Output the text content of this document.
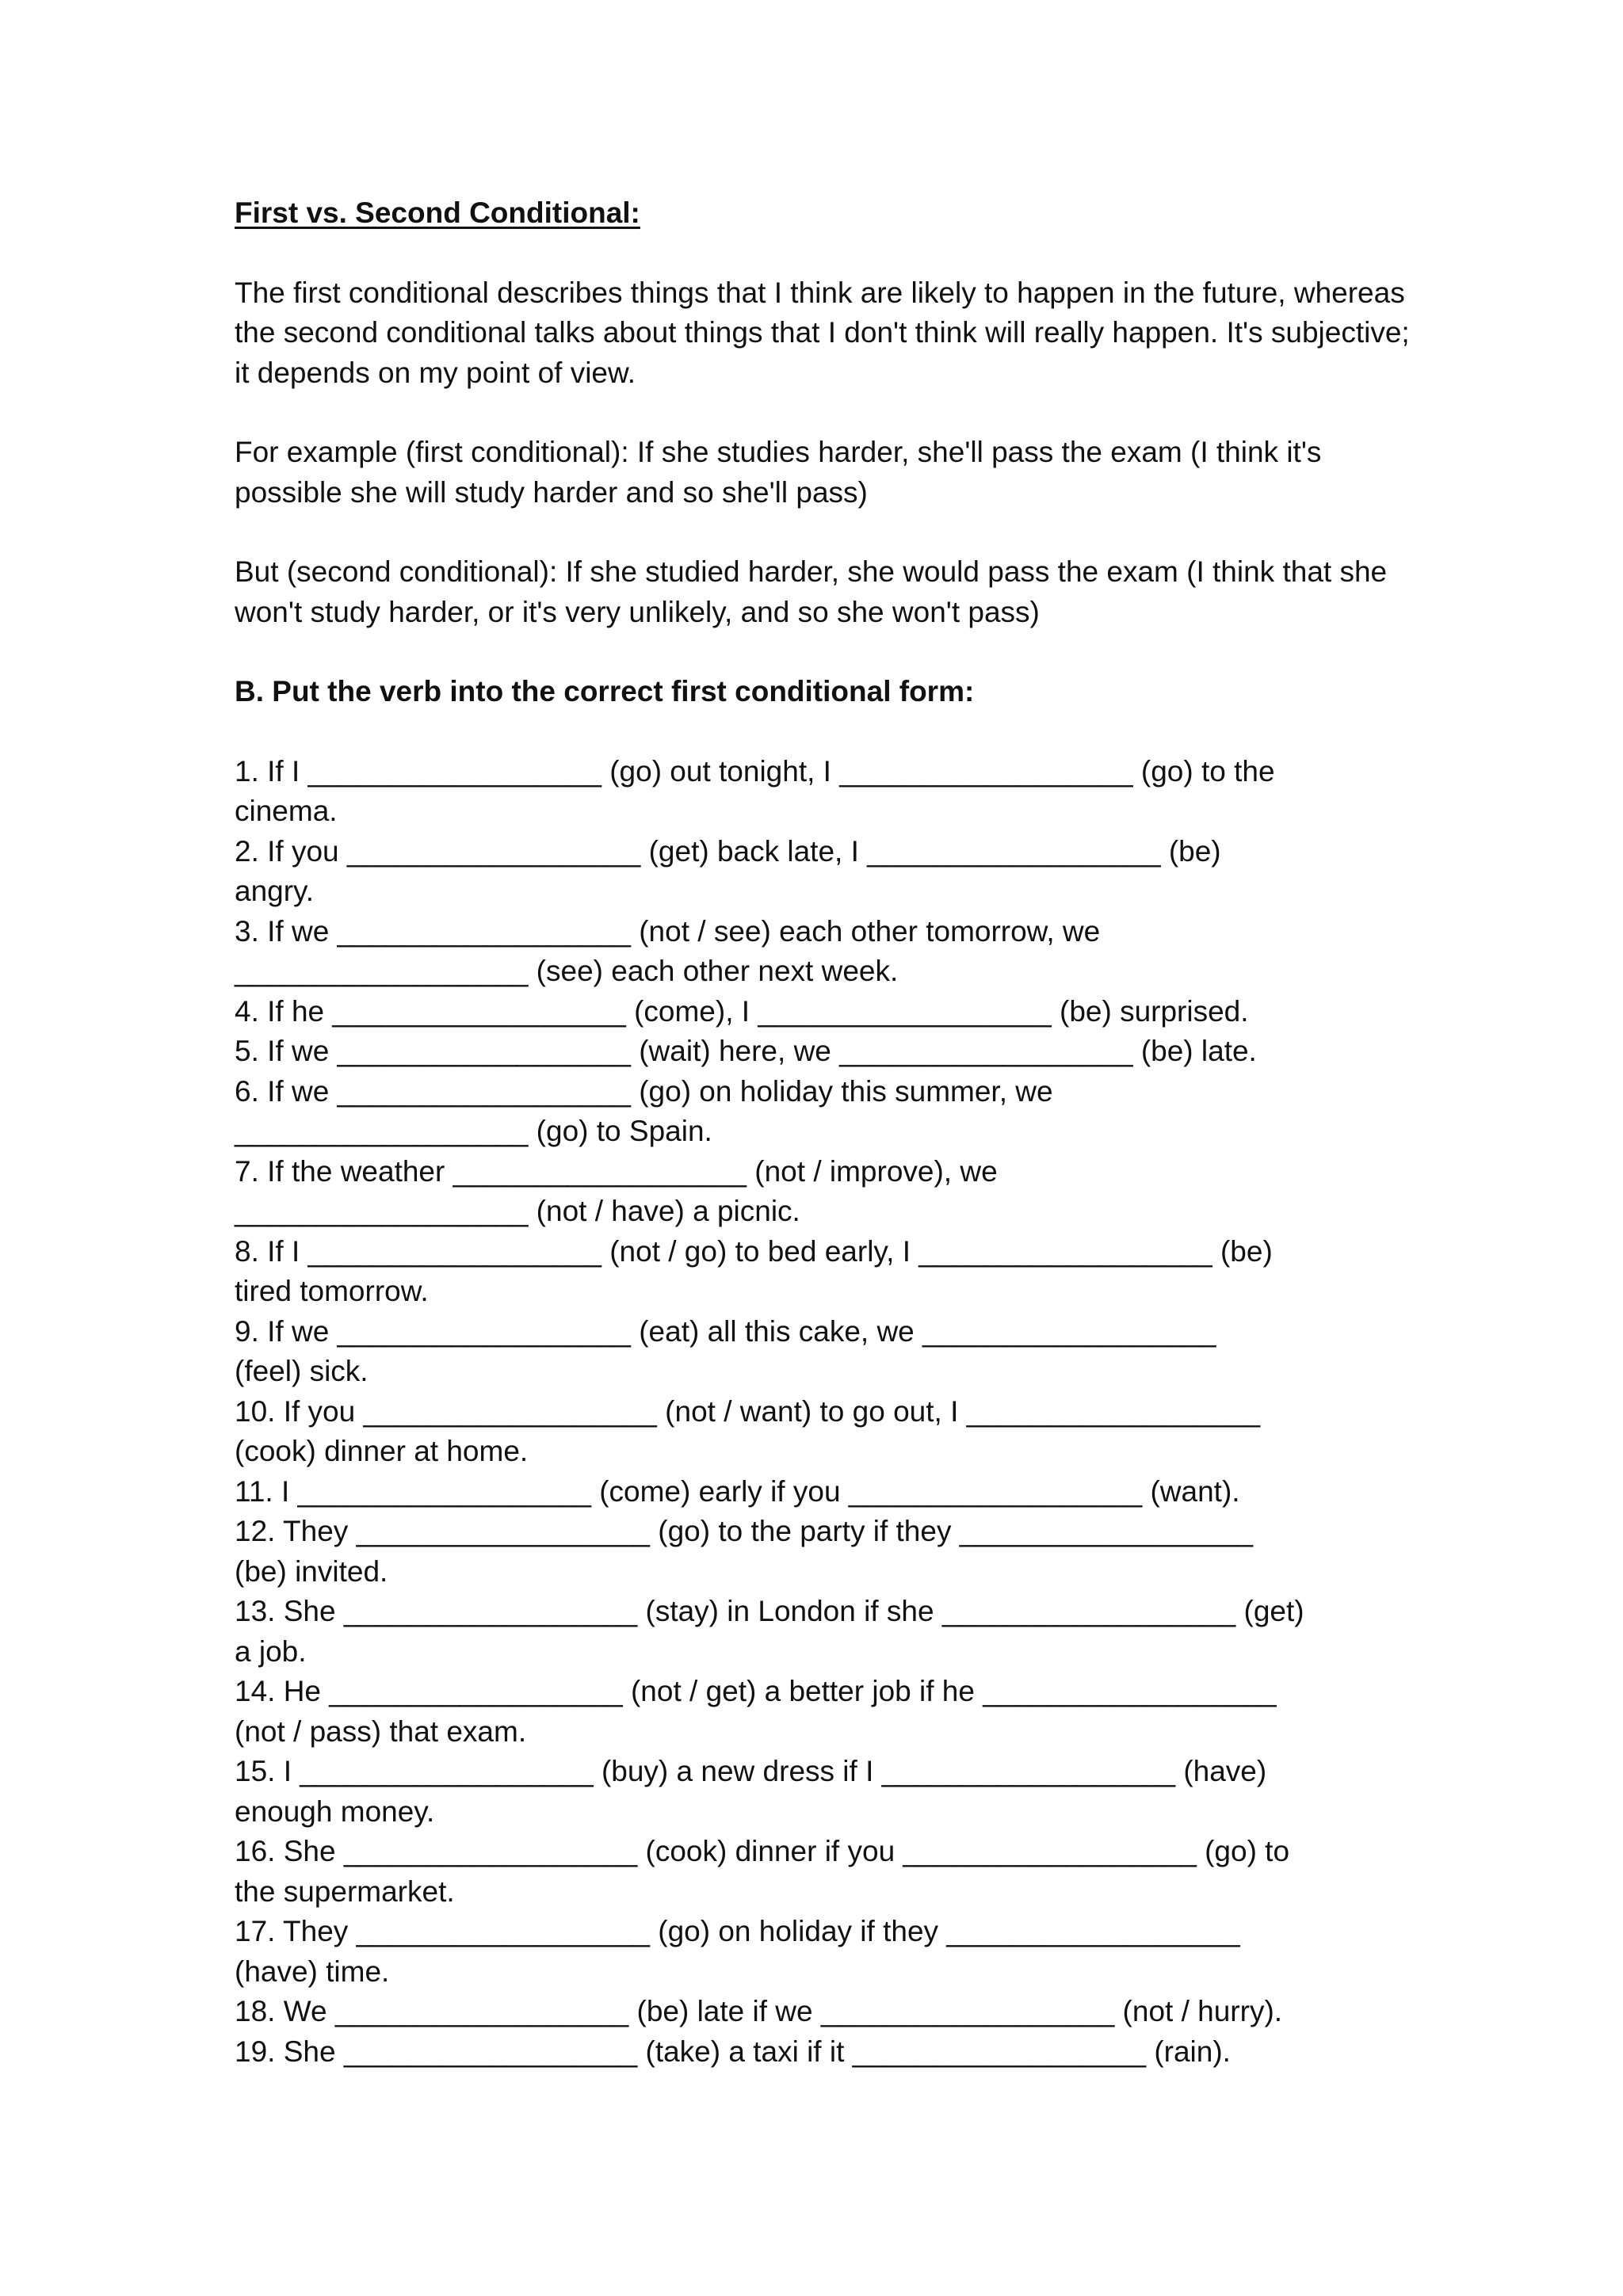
First vs. Second Conditional:
The first conditional describes things that I think are likely to happen in the future, whereas the second conditional talks about things that I don't think will really happen. It's subjective; it depends on my point of view.
For example (first conditional): If she studies harder, she'll pass the exam (I think it's possible she will study harder and so she'll pass)
But (second conditional): If she studied harder, she would pass the exam (I think that she won't study harder, or it's very unlikely, and so she won't pass)
B. Put the verb into the correct first conditional form:
1. If I __________________ (go) out tonight, I __________________ (go) to the
cinema.
2. If you __________________ (get) back late, I __________________ (be)
angry.
3. If we __________________ (not / see) each other tomorrow, we
__________________ (see) each other next week.
4. If he __________________ (come), I __________________ (be) surprised.
5. If we __________________ (wait) here, we __________________ (be) late.
6. If we __________________ (go) on holiday this summer, we
__________________ (go) to Spain.
7. If the weather __________________ (not / improve), we
__________________ (not / have) a picnic.
8. If I __________________ (not / go) to bed early, I __________________ (be)
tired tomorrow.
9. If we __________________ (eat) all this cake, we __________________
(feel) sick.
10. If you __________________ (not / want) to go out, I __________________
(cook) dinner at home.
11. I __________________ (come) early if you __________________ (want).
12. They __________________ (go) to the party if they __________________
(be) invited.
13. She __________________ (stay) in London if she __________________ (get)
a job.
14. He __________________ (not / get) a better job if he __________________
(not / pass) that exam.
15. I __________________ (buy) a new dress if I __________________ (have)
enough money.
16. She __________________ (cook) dinner if you __________________ (go) to
the supermarket.
17. They __________________ (go) on holiday if they __________________
(have) time.
18. We __________________ (be) late if we __________________ (not / hurry).
19. She __________________ (take) a taxi if it __________________ (rain).
